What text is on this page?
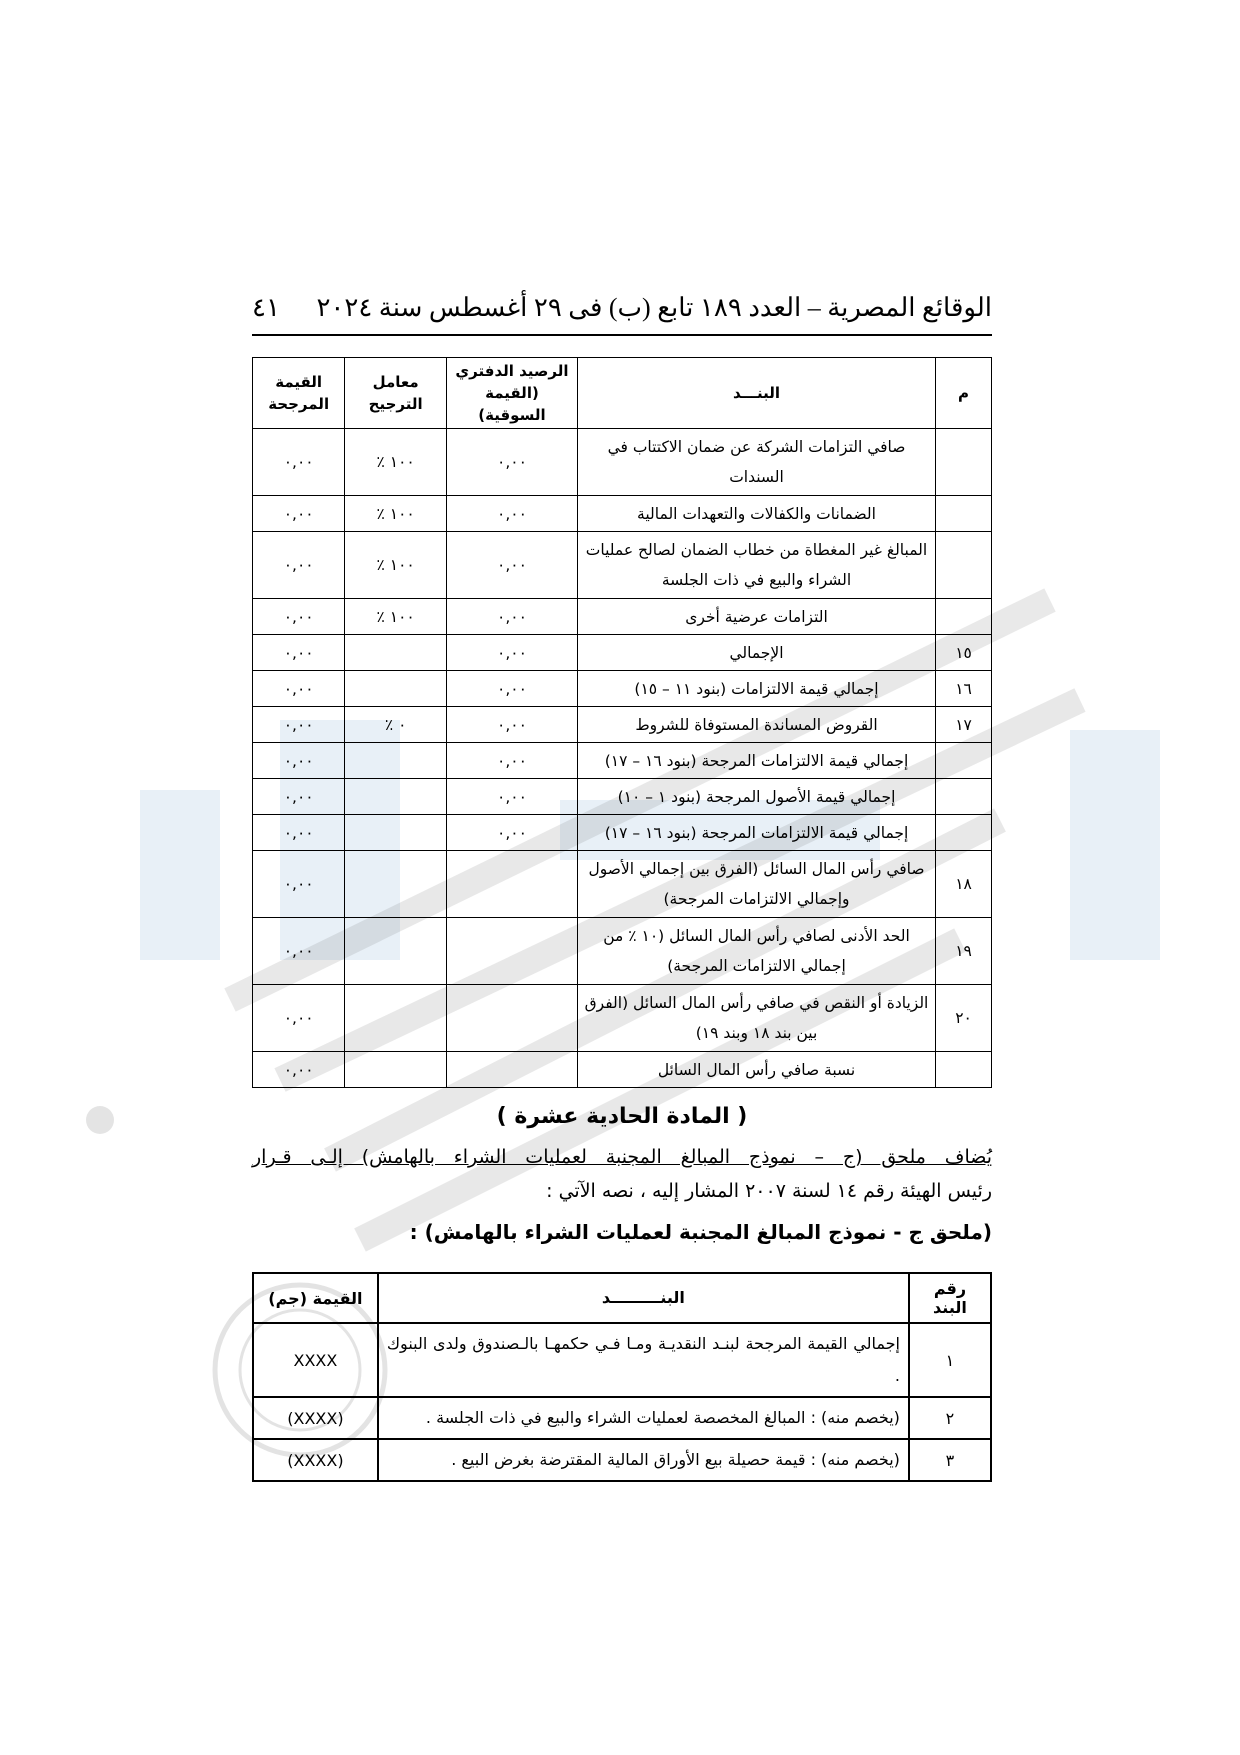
الوقائع المصرية – العدد ١٨٩ تابع (ب) فى ٢٩ أغسطس سنة ٢٠٢٤
٤١
م	البنـــد	الرصيد الدفتري (القيمة السوقية)	معامل الترجيح	القيمة المرجحة
	صافي التزامات الشركة عن ضمان الاكتتاب في السندات	٠,٠٠	١٠٠ ٪	٠,٠٠
	الضمانات والكفالات والتعهدات المالية	٠,٠٠	١٠٠ ٪	٠,٠٠
	المبالغ غير المغطاة من خطاب الضمان لصالح عمليات الشراء والبيع في ذات الجلسة	٠,٠٠	١٠٠ ٪	٠,٠٠
	التزامات عرضية أخرى	٠,٠٠	١٠٠ ٪	٠,٠٠
١٥	الإجمالي	٠,٠٠		٠,٠٠
١٦	إجمالي قيمة الالتزامات (بنود ١١ – ١٥)	٠,٠٠		٠,٠٠
١٧	القروض المساندة المستوفاة للشروط	٠,٠٠	٠ ٪	٠,٠٠
	إجمالي قيمة الالتزامات المرجحة (بنود ١٦ – ١٧)	٠,٠٠		٠,٠٠
	إجمالي قيمة الأصول المرجحة (بنود ١ – ١٠)	٠,٠٠		٠,٠٠
	إجمالي قيمة الالتزامات المرجحة (بنود ١٦ – ١٧)	٠,٠٠		٠,٠٠
١٨	صافي رأس المال السائل (الفرق بين إجمالي الأصول وإجمالي الالتزامات المرجحة)			٠,٠٠
١٩	الحد الأدنى لصافي رأس المال السائل (١٠ ٪ من إجمالي الالتزامات المرجحة)			٠,٠٠
٢٠	الزيادة أو النقص في صافي رأس المال السائل (الفرق بين بند ١٨ وبند ١٩)			٠,٠٠
	نسبة صافي رأس المال السائل			٠,٠٠
( المادة الحادية عشرة )
يُضاف ملحق (ج – نموذج المبالغ المجنبة لعمليات الشراء بالهامش) إلـى قـرار
رئيس الهيئة رقم ١٤ لسنة ٢٠٠٧ المشار إليه ، نصه الآتي :
(ملحق ج - نموذج المبالغ المجنبة لعمليات الشراء بالهامش) :
رقم البند	البنـــــــــد	القيمة (جم)
١	إجمالي القيمة المرجحة لبنـد النقديـة ومـا فـي حكمهـا بالـصندوق ولدى البنوك .	XXXX
٢	(يخصم منه) : المبالغ المخصصة لعمليات الشراء والبيع في ذات الجلسة .	(XXXX)
٣	(يخصم منه) : قيمة حصيلة بيع الأوراق المالية المقترضة بغرض البيع .	(XXXX)
